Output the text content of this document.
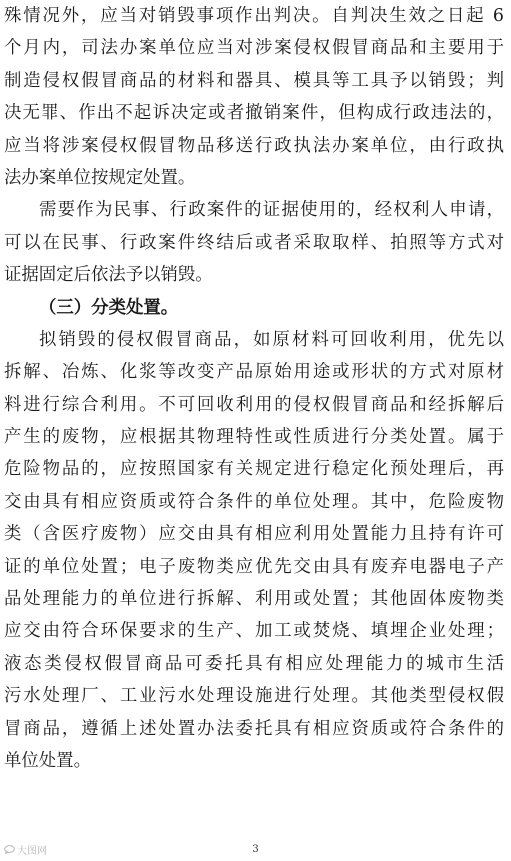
殊情况外，应当对销毁事项作出判决。自判决生效之日起 6
个月内，司法办案单位应当对涉案侵权假冒商品和主要用于
制造侵权假冒商品的材料和器具、模具等工具予以销毁；判
决无罪、作出不起诉决定或者撤销案件，但构成行政违法的，
应当将涉案侵权假冒物品移送行政执法办案单位，由行政执
法办案单位按规定处置。
需要作为民事、行政案件的证据使用的，经权利人申请，
可以在民事、行政案件终结后或者采取取样、拍照等方式对
证据固定后依法予以销毁。
（三）分类处置。
拟销毁的侵权假冒商品，如原材料可回收利用，优先以
拆解、冶炼、化浆等改变产品原始用途或形状的方式对原材
料进行综合利用。不可回收利用的侵权假冒商品和经拆解后
产生的废物，应根据其物理特性或性质进行分类处置。属于
危险物品的，应按照国家有关规定进行稳定化预处理后，再
交由具有相应资质或符合条件的单位处理。其中，危险废物
类（含医疗废物）应交由具有相应利用处置能力且持有许可
证的单位处置；电子废物类应优先交由具有废弃电器电子产
品处理能力的单位进行拆解、利用或处置；其他固体废物类
应交由符合环保要求的生产、加工或焚烧、填埋企业处理；
液态类侵权假冒商品可委托具有相应处理能力的城市生活
污水处理厂、工业污水处理设施进行处理。其他类型侵权假
冒商品，遵循上述处置办法委托具有相应资质或符合条件的
单位处置。
大图网	3
